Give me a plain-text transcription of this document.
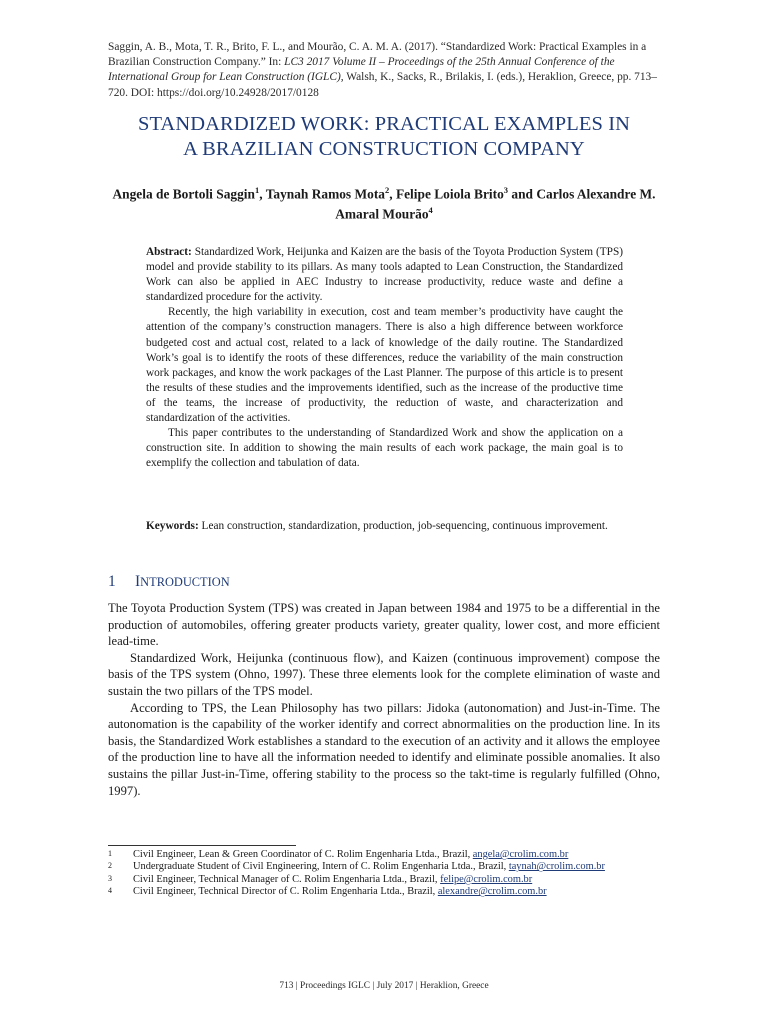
Saggin, A. B., Mota, T. R., Brito, F. L., and Mourão, C. A. M. A. (2017). “Standardized Work: Practical Examples in a Brazilian Construction Company.” In: LC3 2017 Volume II – Proceedings of the 25th Annual Conference of the International Group for Lean Construction (IGLC), Walsh, K., Sacks, R., Brilakis, I. (eds.), Heraklion, Greece, pp. 713–720. DOI: https://doi.org/10.24928/2017/0128
STANDARDIZED WORK: PRACTICAL EXAMPLES IN
A BRAZILIAN CONSTRUCTION COMPANY
Angela de Bortoli Saggin$^1$, Taynah Ramos Mota$^2$, Felipe Loiola Brito$^3$ and Carlos Alexandre M. Amaral Mourão$^4$

Abstract: Standardized Work, Heijunka and Kaizen are the basis of the Toyota Production System (TPS) model and provide stability to its pillars. As many tools adapted to Lean Construction, the Standardized Work can also be applied in AEC Industry to increase productivity, reduce waste and define a standardized procedure for the activity.

Recently, the high variability in execution, cost and team member’s productivity have caught the attention of the company’s construction managers. There is also a high difference between workforce budgeted cost and actual cost, related to a lack of knowledge of the daily routine. The Standardized Work’s goal is to identify the roots of these differences, reduce the variability of the main construction work packages, and know the work packages of the Last Planner. The purpose of this article is to present the results of these studies and the improvements identified, such as the increase of the productive time of the teams, the increase of productivity, the reduction of waste, and characterization and standardization of the activities.

This paper contributes to the understanding of Standardized Work and show the application on a construction site. In addition to showing the main results of each work package, the main goal is to exemplify the collection and tabulation of data.

Keywords: Lean construction, standardization, production, job-sequencing, continuous improvement.
1 INTRODUCTION

The Toyota Production System (TPS) was created in Japan between 1984 and 1975 to be a differential in the production of automobiles, offering greater products variety, greater quality, lower cost, and more efficient lead-time.

Standardized Work, Heijunka (continuous flow), and Kaizen (continuous improvement) compose the basis of the TPS system (Ohno, 1997). These three elements look for the complete elimination of waste and sustain the two pillars of the TPS model.

According to TPS, the Lean Philosophy has two pillars: Jidoka (autonomation) and Just-in-Time. The autonomation is the capability of the worker identify and correct abnormalities on the production line. In its basis, the Standardized Work establishes a standard to the execution of an activity and it allows the employee of the production line to have all the information needed to identify and eliminate possible anomalies. It also sustains the pillar Just-in-Time, offering stability to the process so the takt-time is regularly fulfilled (Ohno, 1997).

1	Civil Engineer, Lean & Green Coordinator of C. Rolim Engenharia Ltda., Brazil, angela@crolim.com.br
2	Undergraduate Student of Civil Engineering, Intern of C. Rolim Engenharia Ltda., Brazil, taynah@crolim.com.br
3	Civil Engineer, Technical Manager of C. Rolim Engenharia Ltda., Brazil, felipe@crolim.com.br
4	Civil Engineer, Technical Director of C. Rolim Engenharia Ltda., Brazil, alexandre@crolim.com.br
713 | Proceedings IGLC | July 2017 | Heraklion, Greece
